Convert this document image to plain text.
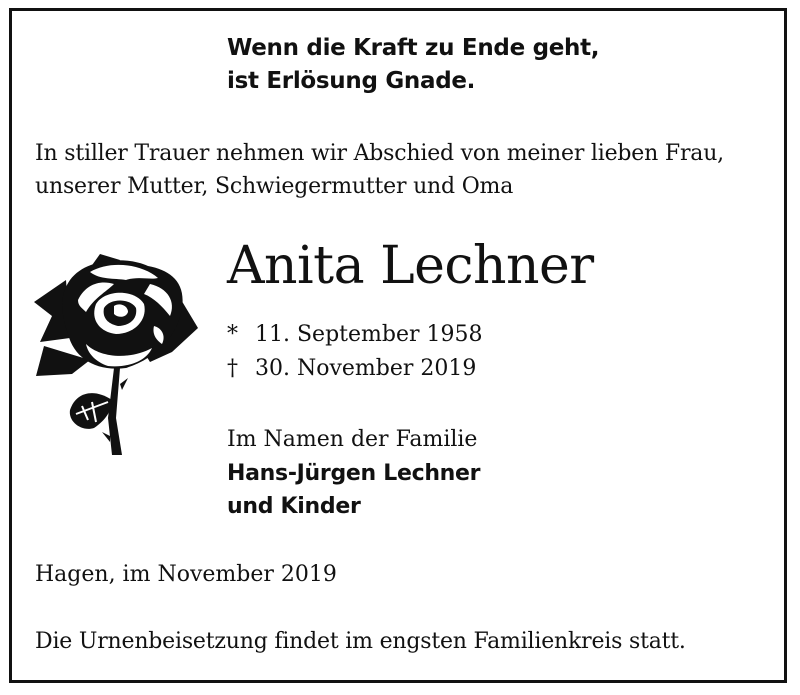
Wenn die Kraft zu Ende geht,
ist Erlösung Gnade.
In stiller Trauer nehmen wir Abschied von meiner lieben Frau,
unserer Mutter, Schwiegermutter und Oma
Anita Lechner
* 11. September 1958
† 30. November 2019
Im Namen der Familie
Hans-Jürgen Lechner
und Kinder
Hagen, im November 2019
Die Urnenbeisetzung findet im engsten Familienkreis statt.
